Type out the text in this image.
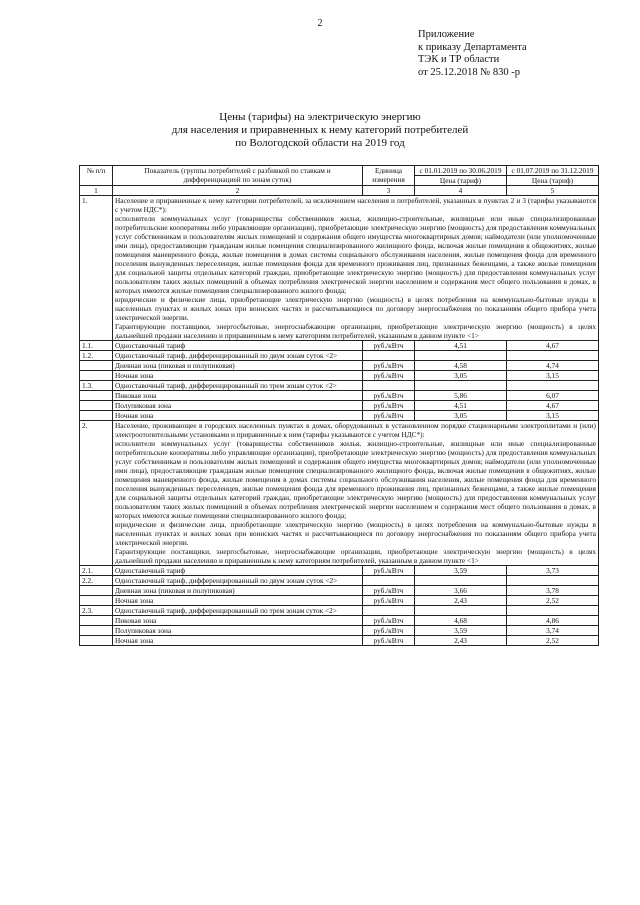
2
Приложение
к приказу Департамента
ТЭК и ТР области
от 25.12.2018 № 830 -р
Цены (тарифы) на электрическую энергию
для населения и приравненных к нему категорий потребителей
по Вологодской области на 2019 год
№ п/п	Показатель (группы потребителей с разбивкой по ставкам и дифференциацией по зонам суток)	Единица измерения	с 01.01.2019 по 30.06.2019	с 01.07.2019 по 31.12.2019
			Цена (тариф)	Цена (тариф)
1	2	3	4	5
1.	Население и приравненные к нему категории потребителей, за исключением населения и потребителей, указанных в пунктах 2 и 3 (тарифы указываются с учетом НДС*):

исполнители коммунальных услуг (товарищества собственников жилья, жилищно-строительные, жилищные или иные специализированные потребительские кооперативы либо управляющие организации), приобретающие электрическую энергию (мощность) для предоставления коммунальных услуг собственникам и пользователям жилых помещений и содержания общего имущества многоквартирных домов; наймодатели (или уполномоченные ими лица), предоставляющие гражданам жилые помещения специализированного жилищного фонда, включая жилые помещения в общежитиях, жилые помещения маневренного фонда, жилые помещения в домах системы социального обслуживания населения, жилые помещения фонда для временного поселения вынужденных переселенцев, жилые помещения фонда для временного проживания лиц, признанных беженцами, а также жилые помещения для социальной защиты отдельных категорий граждан, приобретающие электрическую энергию (мощность) для предоставления коммунальных услуг пользователям таких жилых помещений в объемах потребления электрической энергии населением и содержания мест общего пользования в домах, в которых имеются жилые помещения специализированного жилого фонда;

юридические и физические лица, приобретающие электрическую энергию (мощность) в целях потребления на коммунально-бытовые нужды в населенных пунктах и жилых зонах при воинских частях и рассчитывающиеся по договору энергоснабжения по показаниям общего прибора учета электрической энергии.

Гарантирующие поставщики, энергосбытовые, энергоснабжающие организации, приобретающие электрическую энергию (мощность) в целях дальнейшей продажи населению и приравненным к нему категориям потребителей, указанным в данном пункте <1>			

1.1.	Одноставочный тариф	руб./кВтч	4,51	4,67
1.2.	Одноставочный тариф, дифференцированный по двум зонам суток <2>			
	Дневная зона (пиковая и полупиковая)	руб./кВтч	4,58	4,74
	Ночная зона	руб./кВтч	3,05	3,15
1.3.	Одноставочный тариф, дифференцированный по трем зонам суток <2>			
	Пиковая зона	руб./кВтч	5,86	6,07
	Полупиковая зона	руб./кВтч	4,51	4,67
	Ночная зона	руб./кВтч	3,05	3,15
2.	Население, проживающее в городских населенных пунктах в домах, оборудованных в установленном порядке стационарными электроплитами и (или) электроотопительными установками и приравненные к ним (тарифы указываются с учетом НДС*):

исполнители коммунальных услуг (товарищества собственников жилья, жилищно-строительные, жилищные или иные специализированные потребительские кооперативы либо управляющие организации), приобретающие электрическую энергию (мощность) для предоставления коммунальных услуг собственникам и пользователям жилых помещений и содержания общего имущества многоквартирных домов; наймодатели (или уполномоченные ими лица), предоставляющие гражданам жилые помещения специализированного жилищного фонда, включая жилые помещения в общежитиях, жилые помещения маневренного фонда, жилые помещения в домах системы социального обслуживания населения, жилые помещения фонда для временного поселения вынужденных переселенцев, жилые помещения фонда для временного проживания лиц, признанных беженцами, а также жилые помещения для социальной защиты отдельных категорий граждан, приобретающие электрическую энергию (мощность) для предоставления коммунальных услуг пользователям таких жилых помещений в объемах потребления электрической энергии населением и содержания мест общего пользования в домах, в которых имеются жилые помещения специализированного жилого фонда;

юридические и физические лица, приобретающие электрическую энергию (мощность) в целях потребления на коммунально-бытовые нужды в населенных пунктах и жилых зонах при воинских частях и рассчитывающиеся по договору энергоснабжения по показаниям общего прибора учета электрической энергии.

Гарантирующие поставщики, энергосбытовые, энергоснабжающие организации, приобретающие электрическую энергию (мощность) в целях дальнейшей продажи населению и приравненным к нему категориям потребителей, указанным в данном пункте <1>			

2.1.	Одноставочный тариф	руб./кВтч	3,59	3,73
2.2.	Одноставочный тариф, дифференцированный по двум зонам суток <2>			
	Дневная зона (пиковая и полупиковая)	руб./кВтч	3,66	3,78
	Ночная зона	руб./кВтч	2,43	2,52
2.3.	Одноставочный тариф, дифференцированный по трем зонам суток <2>			
	Пиковая зона	руб./кВтч	4,68	4,86
	Полупиковая зона	руб./кВтч	3,59	3,74
	Ночная зона	руб./кВтч	2,43	2,52
